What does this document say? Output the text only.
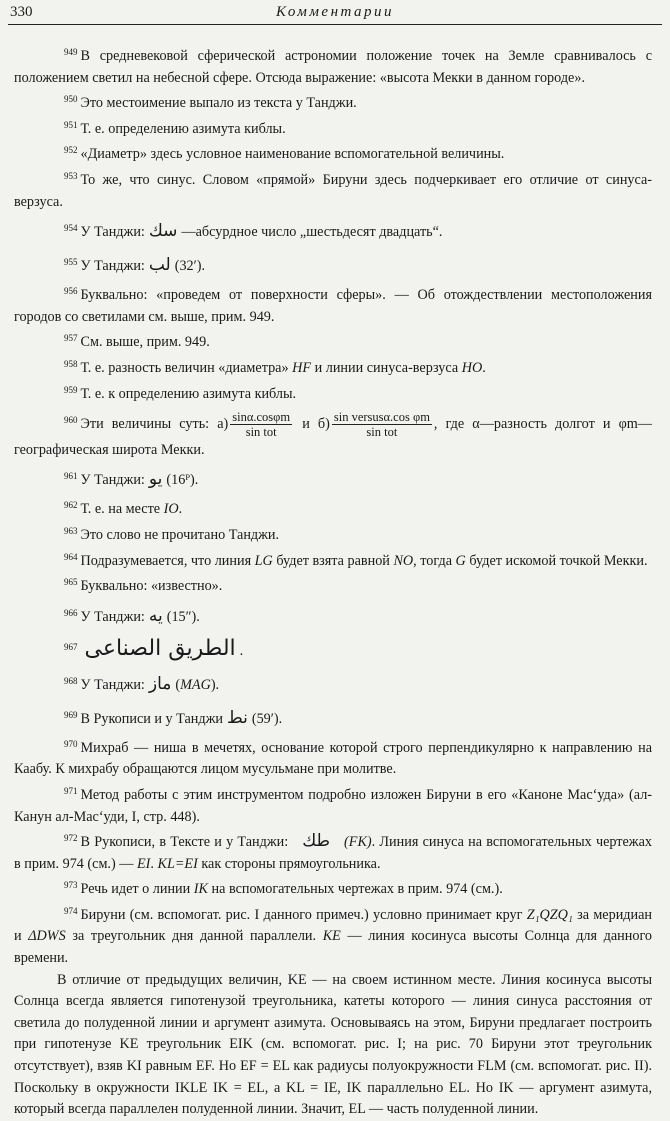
330	Комментарии

$^{949}$ В средневековой сферической астрономии положение точек на Земле сравнивалось с положением светил на небесной сфере. Отсюда выражение: «высота Мекки в данном городе».

$^{950}$ Это местоимение выпало из текста у Танджи.

$^{951}$ Т. е. определению азимута киблы.

$^{952}$ «Диаметр» здесь условное наименование вспомогательной величины.

$^{953}$ То же, что синус. Словом «прямой» Бируни здесь подчеркивает его отличие от синуса-верзуса.

$^{954}$ У Танджи: سك —абсурдное число „шестьдесят двадцать“.

$^{955}$ У Танджи: لب (32′).

$^{956}$ Буквально: «проведем от поверхности сферы». — Об отождествлении местоположения городов со светилами см. выше, прим. 949.

$^{957}$ См. выше, прим. 949.

$^{958}$ Т. е. разность величин «диаметра» HF и линии синуса-верзуса HO.

$^{959}$ Т. е. к определению азимута киблы.

$^{960}$ Эти величины суть: $а) \frac{\sin\alpha.\cos\varphi m}{\text{sin tot}}$ и $б) \frac{\text{sin versusα.cos φm}}{\text{sin tot}}$ , где α—разность долгот и φm—географическая широта Мекки.

$^{961}$ У Танджи: يو (16ᴾ).

$^{962}$ Т. е. на месте IO.

$^{963}$ Это слово не прочитано Танджи.

$^{964}$ Подразумевается, что линия LG будет взята равной NO, тогда G будет искомой точкой Мекки.

$^{965}$ Буквально: «известно».

$^{966}$ У Танджи: يه (15″).

$^{967}$ الطريق الصناعى .

$^{968}$ У Танджи: ماز (MAG).

$^{969}$ В Рукописи и у Танджи نط (59′).

$^{970}$ Михраб — ниша в мечетях, основание которой строго перпендикулярно к направлению на Каабу. К михрабу обращаются лицом мусульмане при молитве.

$^{971}$ Метод работы с этим инструментом подробно изложен Бируни в его «Каноне Мас‘уда» (ал-Канун ал-Мас‘уди, I, стр. 448).

$^{972}$ В Рукописи, в Тексте и у Танджи: طك (FK). Линия синуса на вспомогательных чертежах в прим. 974 (см.) — EI. KL=EI как стороны прямоугольника.

$^{973}$ Речь идет о линии IK на вспомогательных чертежах в прим. 974 (см.).

$^{974}$ Бируни (см. вспомогат. рис. I данного примеч.) условно принимает круг Z₁QZQ₁ за меридиан и ΔDWS за треугольник дня данной параллели. KE — линия косинуса высоты Солнца для данного времени.

В отличие от предыдущих величин, KE — на своем истинном месте. Линия косинуса высоты Солнца всегда является гипотенузой треугольника, катеты которого — линия синуса расстояния от светила до полуденной линии и аргумент азимута. Основываясь на этом, Бируни предлагает построить при гипотенузе KE треугольник EIK (см. вспомогат. рис. I; на рис. 70 Бируни этот треугольник отсутствует), взяв KI равным EF. Но EF = EL как радиусы полуокружности FLM (см. вспомогат. рис. II). Поскольку в окружности IKLE IK = EL, а KL = IE, IK параллельно EL. Но IK — аргумент азимута, который всегда параллелен полуденной линии. Значит, EL — часть полуденной линии.
